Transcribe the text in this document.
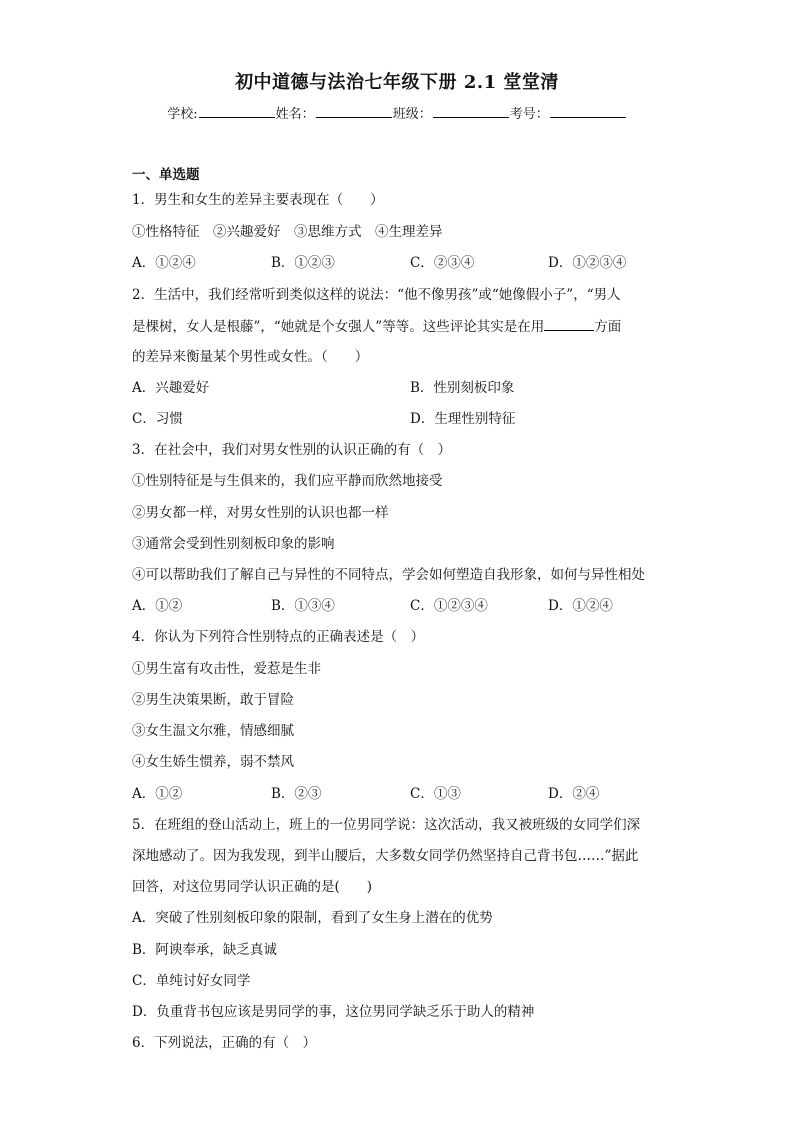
初中道德与法治七年级下册 2.1 堂堂清
学校:	姓名：	班级：	考号：
一、单选题
1．男生和女生的差异主要表现在（　　）
①性格特征　②兴趣爱好　③思维方式　④生理差异
A．①②④	B．①②③	C．②③④	D．①②③④
2．生活中，我们经常听到类似这样的说法：“他不像男孩”或“她像假小子”，“男人
是棵树，女人是根藤”，“她就是个女强人”等等。这些评论其实是在用	方面
的差异来衡量某个男性或女性。（　　）
A．兴趣爱好	B．性别刻板印象
C．习惯	D．生理性别特征
3．在社会中，我们对男女性别的认识正确的有（　）
①性别特征是与生俱来的，我们应平静而欣然地接受
②男女都一样，对男女性别的认识也都一样
③通常会受到性别刻板印象的影响
④可以帮助我们了解自己与异性的不同特点，学会如何塑造自我形象，如何与异性相处
A．①②	B．①③④	C．①②③④	D．①②④
4．你认为下列符合性别特点的正确表述是（　）
①男生富有攻击性，爱惹是生非
②男生决策果断，敢于冒险
③女生温文尔雅，情感细腻
④女生娇生惯养，弱不禁风
A．①②	B．②③	C．①③	D．②④
5．在班组的登山活动上，班上的一位男同学说：这次活动，我又被班级的女同学们深
深地感动了。因为我发现，到半山腰后，大多数女同学仍然坚持自己背书包……”据此
回答，对这位男同学认识正确的是(　　)
A．突破了性别刻板印象的限制，看到了女生身上潜在的优势
B．阿谀奉承，缺乏真诚
C．单纯讨好女同学
D．负重背书包应该是男同学的事，这位男同学缺乏乐于助人的精神
6．下列说法，正确的有（　）
